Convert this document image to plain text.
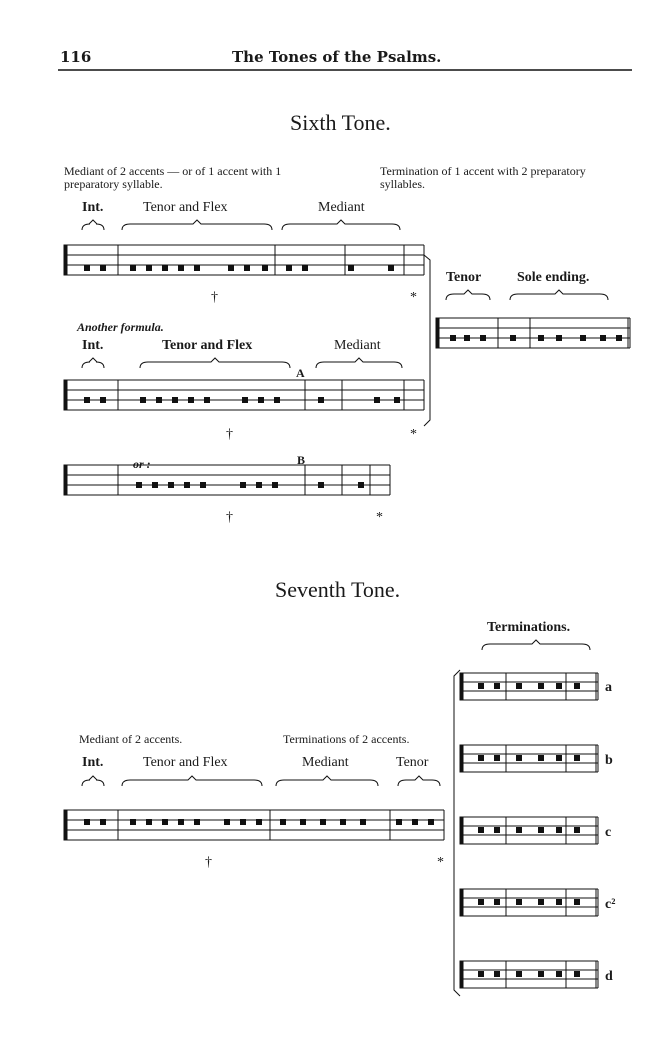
116	The Tones of the Psalms.
Sixth Tone.
Mediant of 2 accents — or of 1 accent with 1 preparatory syllable.
Termination of 1 accent with 2 preparatory syllables.
Int.	Tenor and Flex	Mediant
Tenor	Sole ending.
Another formula.
Int.	Tenor and Flex	Mediant
A
or :	B
†	*
†	*
†	*
Seventh Tone.
Terminations.
Mediant of 2 accents.	Terminations of 2 accents.
Int.	Tenor and Flex	Mediant	Tenor
†	*
a
b
c
c²
d
